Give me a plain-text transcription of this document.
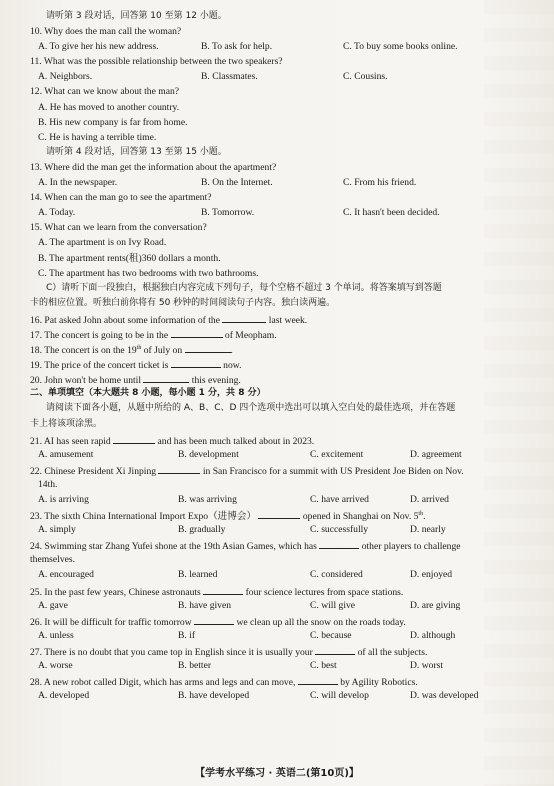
请听第 3 段对话，回答第 10 至第 12 小题。
10. Why does the man call the woman?
A. To give her his new address.	B. To ask for help.	C. To buy some books online.
11. What was the possible relationship between the two speakers?
A. Neighbors.	B. Classmates.	C. Cousins.
12. What can we know about the man?
A. He has moved to another country.
B. His new company is far from home.
C. He is having a terrible time.
请听第 4 段对话，回答第 13 至第 15 小题。
13. Where did the man get the information about the apartment?
A. In the newspaper.	B. On the Internet.	C. From his friend.
14. When can the man go to see the apartment?
A. Today.	B. Tomorrow.	C. It hasn't been decided.
15. What can we learn from the conversation?
A. The apartment is on Ivy Road.
B. The apartment rents(租)360 dollars a month.
C. The apartment has two bedrooms with two bathrooms.
C）请听下面一段独白，根据独白内容完成下列句子，每个空格不超过 3 个单词。将答案填写到答题
卡的相应位置。听独白前你将有 50 秒钟的时间阅读句子内容。独白读两遍。
16. Pat asked John about some information of the	last week.
17. The concert is going to be in the	of Meopham.
18. The concert is on the 19th of July on	.
19. The price of the concert ticket is	now.
20. John won't be home until	this evening.
二、单项填空（本大题共 8 小题，每小题 1 分，共 8 分）
请阅读下面各小题，从题中所给的 A、B、C、D 四个选项中选出可以填入空白处的最佳选项，并在答题
卡上将该项涂黑。
21. AI has seen rapid	and has been much talked about in 2023.
A. amusement	B. development	C. excitement	D. agreement
22. Chinese President Xi Jinping	in San Francisco for a summit with US President Joe Biden on Nov.
14th.
A. is arriving	B. was arriving	C. have arrived	D. arrived
23. The sixth China International Import Expo（进博会）	opened in Shanghai on Nov. 5th.
A. simply	B. gradually	C. successfully	D. nearly
24. Swimming star Zhang Yufei shone at the 19th Asian Games, which has	other players to challenge
themselves.
A. encouraged	B. learned	C. considered	D. enjoyed
25. In the past few years, Chinese astronauts	four science lectures from space stations.
A. gave	B. have given	C. will give	D. are giving
26. It will be difficult for traffic tomorrow	we clean up all the snow on the roads today.
A. unless	B. if	C. because	D. although
27. There is no doubt that you came top in English since it is usually your	of all the subjects.
A. worse	B. better	C. best	D. worst
28. A new robot called Digit, which has arms and legs and can move,	by Agility Robotics.
A. developed	B. have developed	C. will develop	D. was developed
【学考水平练习 · 英语二(第10页)】
